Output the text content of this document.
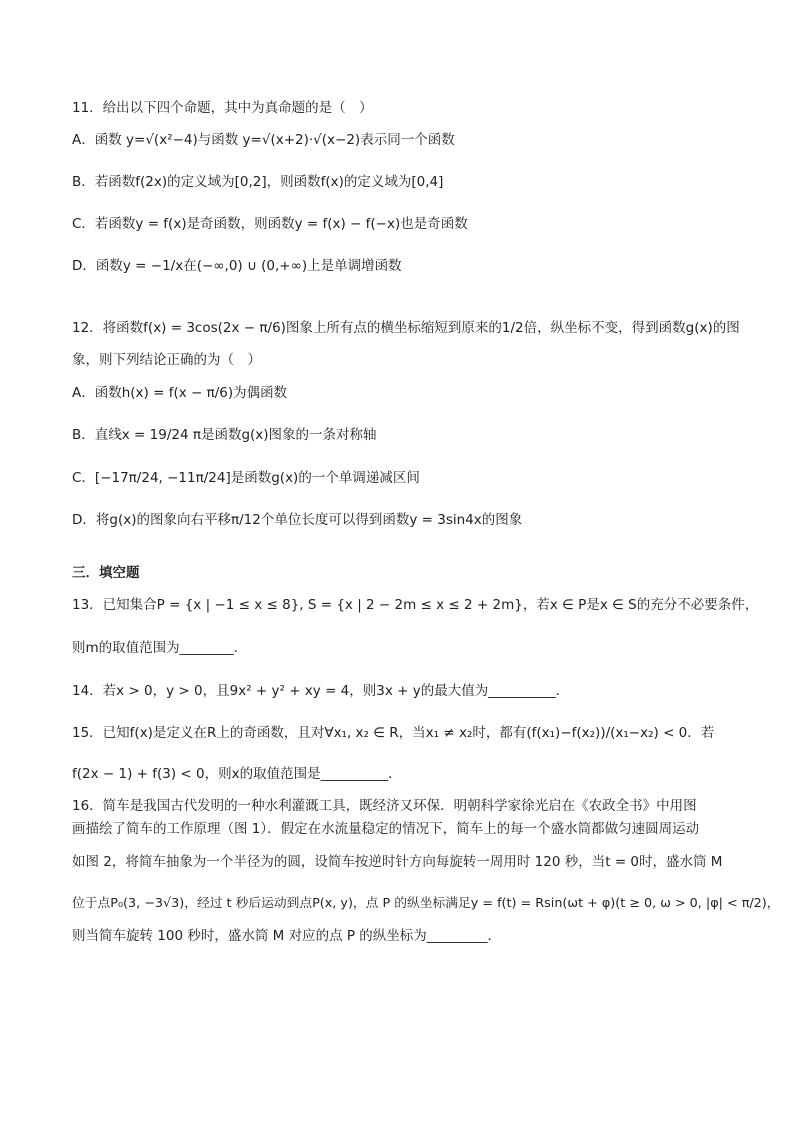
11．给出以下四个命题，其中为真命题的是（　）
A．函数 y=√(x²−4)与函数 y=√(x+2)·√(x−2)表示同一个函数
B．若函数f(2x)的定义域为[0,2]，则函数f(x)的定义域为[0,4]
C．若函数y = f(x)是奇函数，则函数y = f(x) − f(−x)也是奇函数
D．函数y = −1/x在(−∞,0) ∪ (0,+∞)上是单调增函数
12．将函数f(x) = 3cos(2x − π/6)图象上所有点的横坐标缩短到原来的1/2倍，纵坐标不变，得到函数g(x)的图
象，则下列结论正确的为（　）
A．函数h(x) = f(x − π/6)为偶函数
B．直线x = 19/24 π是函数g(x)图象的一条对称轴
C．[−17π/24, −11π/24]是函数g(x)的一个单调递减区间
D．将g(x)的图象向右平移π/12个单位长度可以得到函数y = 3sin4x的图象
三．填空题
13．已知集合P = {x | −1 ≤ x ≤ 8}, S = {x | 2 − 2m ≤ x ≤ 2 + 2m}，若x ∈ P是x ∈ S的充分不必要条件，
则m的取值范围为________.
14．若x > 0，y > 0，且9x² + y² + xy = 4，则3x + y的最大值为__________．
15．已知f(x)是定义在R上的奇函数，且对∀x₁, x₂ ∈ R，当x₁ ≠ x₂时，都有(f(x₁)−f(x₂))/(x₁−x₂) < 0．若
f(2x − 1) + f(3) < 0，则x的取值范围是__________．
16．简车是我国古代发明的一种水利灌溉工具，既经济又环保．明朝科学家徐光启在《农政全书》中用图
画描绘了简车的工作原理（图 1）．假定在水流量稳定的情况下，简车上的每一个盛水筒都做匀速圆周运动
如图 2，将简车抽象为一个半径为的圆，设简车按逆时针方向每旋转一周用时 120 秒，当t = 0时，盛水筒 M
位于点P₀(3, −3√3)，经过 t 秒后运动到点P(x, y)，点 P 的纵坐标满足y = f(t) = Rsin(ωt + φ)(t ≥ 0, ω > 0, |φ| < π/2)，
则当简车旋转 100 秒时，盛水筒 M 对应的点 P 的纵坐标为_________．
